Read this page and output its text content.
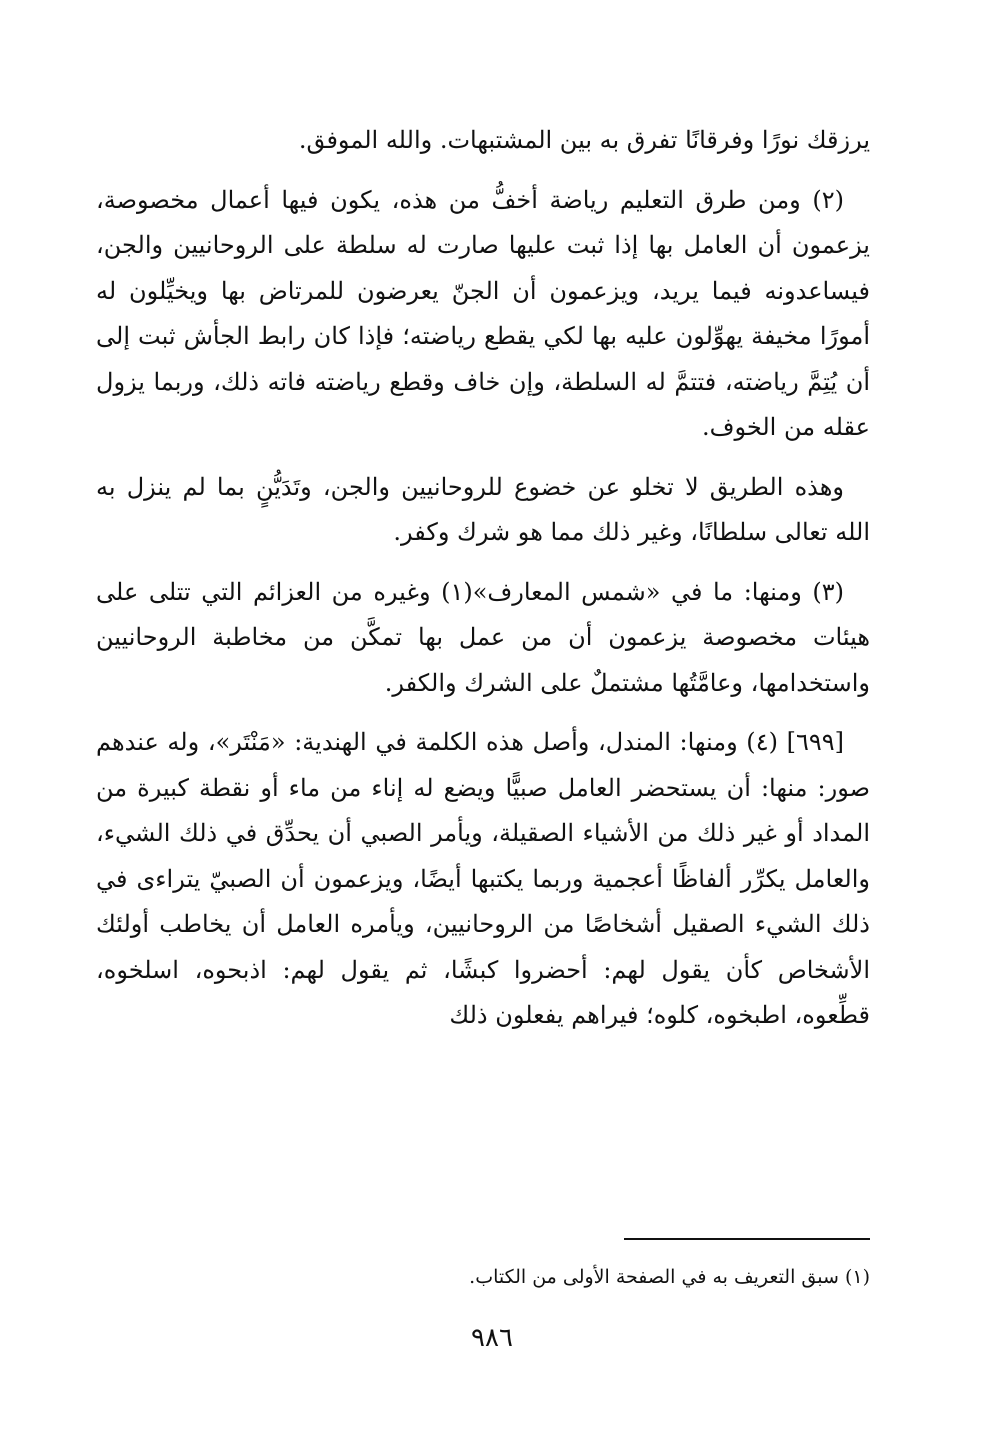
يرزقك نورًا وفرقانًا تفرق به بين المشتبهات. والله الموفق.

(٢) ومن طرق التعليم رياضة أخفُّ من هذه، يكون فيها أعمال مخصوصة، يزعمون أن العامل بها إذا ثبت عليها صارت له سلطة على الروحانيين والجن، فيساعدونه فيما يريد، ويزعمون أن الجنّ يعرضون للمرتاض بها ويخيِّلون له أمورًا مخيفة يهوِّلون عليه بها لكي يقطع رياضته؛ فإذا كان رابط الجأش ثبت إلى أن يُتِمَّ رياضته، فتتمَّ له السلطة، وإن خاف وقطع رياضته فاته ذلك، وربما يزول عقله من الخوف.

وهذه الطريق لا تخلو عن خضوع للروحانيين والجن، وتَدَيُّنٍ بما لم ينزل به الله تعالى سلطانًا، وغير ذلك مما هو شرك وكفر.

(٣) ومنها: ما في «شمس المعارف»(١) وغيره من العزائم التي تتلى على هيئات مخصوصة يزعمون أن من عمل بها تمكَّن من مخاطبة الروحانيين واستخدامها، وعامَّتُها مشتملٌ على الشرك والكفر.

[٦٩٩] (٤) ومنها: المندل، وأصل هذه الكلمة في الهندية: «مَنْتَر»، وله عندهم صور: منها: أن يستحضر العامل صبيًّا ويضع له إناء من ماء أو نقطة كبيرة من المداد أو غير ذلك من الأشياء الصقيلة، ويأمر الصبي أن يحدِّق في ذلك الشيء، والعامل يكرِّر ألفاظًا أعجمية وربما يكتبها أيضًا، ويزعمون أن الصبيّ يتراءى في ذلك الشيء الصقيل أشخاصًا من الروحانيين، ويأمره العامل أن يخاطب أولئك الأشخاص كأن يقول لهم: أحضروا كبشًا، ثم يقول لهم: اذبحوه، اسلخوه، قطِّعوه، اطبخوه، كلوه؛ فيراهم يفعلون ذلك

(١) سبق التعريف به في الصفحة الأولى من الكتاب.
٩٨٦
